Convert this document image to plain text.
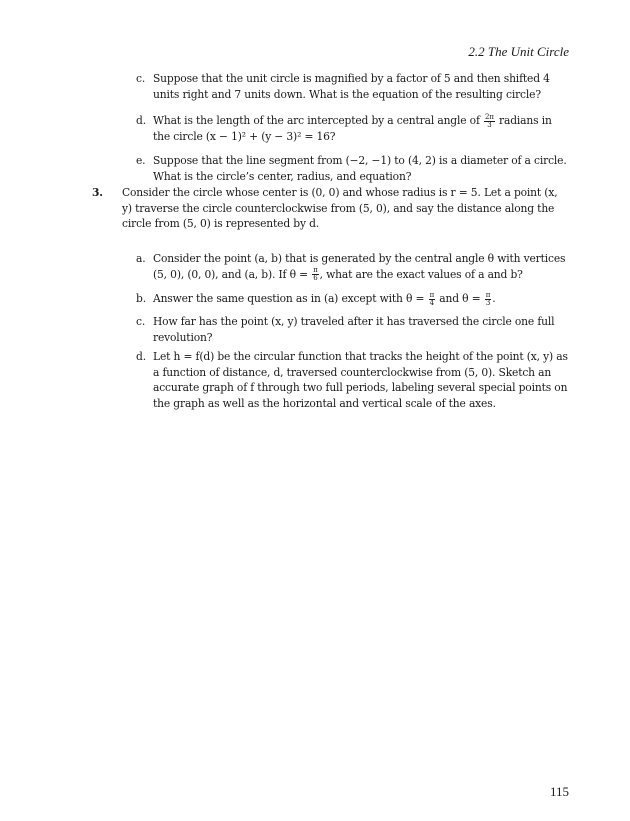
2.2 The Unit Circle
c. Suppose that the unit circle is magnified by a factor of 5 and then shifted 4 units right and 7 units down. What is the equation of the resulting circle?
d. What is the length of the arc intercepted by a central angle of $\frac{2\pi}{3}$ radians in the circle (x − 1)² + (y − 3)² = 16?
e. Suppose that the line segment from (−2, −1) to (4, 2) is a diameter of a circle. What is the circle’s center, radius, and equation?
3. Consider the circle whose center is (0, 0) and whose radius is r = 5. Let a point (x, y) traverse the circle counterclockwise from (5, 0), and say the distance along the circle from (5, 0) is represented by d.
a. Consider the point (a, b) that is generated by the central angle θ with vertices (5, 0), (0, 0), and (a, b). If $\theta = \frac{\pi}{6}$ , what are the exact values of a and b?
b. Answer the same question as in (a) except with $\theta = \frac{\pi}{4}$ and $\theta = \frac{\pi}{3}$ .
c. How far has the point (x, y) traveled after it has traversed the circle one full revolution?
d. Let h = f(d) be the circular function that tracks the height of the point (x, y) as a function of distance, d, traversed counterclockwise from (5, 0). Sketch an accurate graph of f through two full periods, labeling several special points on the graph as well as the horizontal and vertical scale of the axes.
115
